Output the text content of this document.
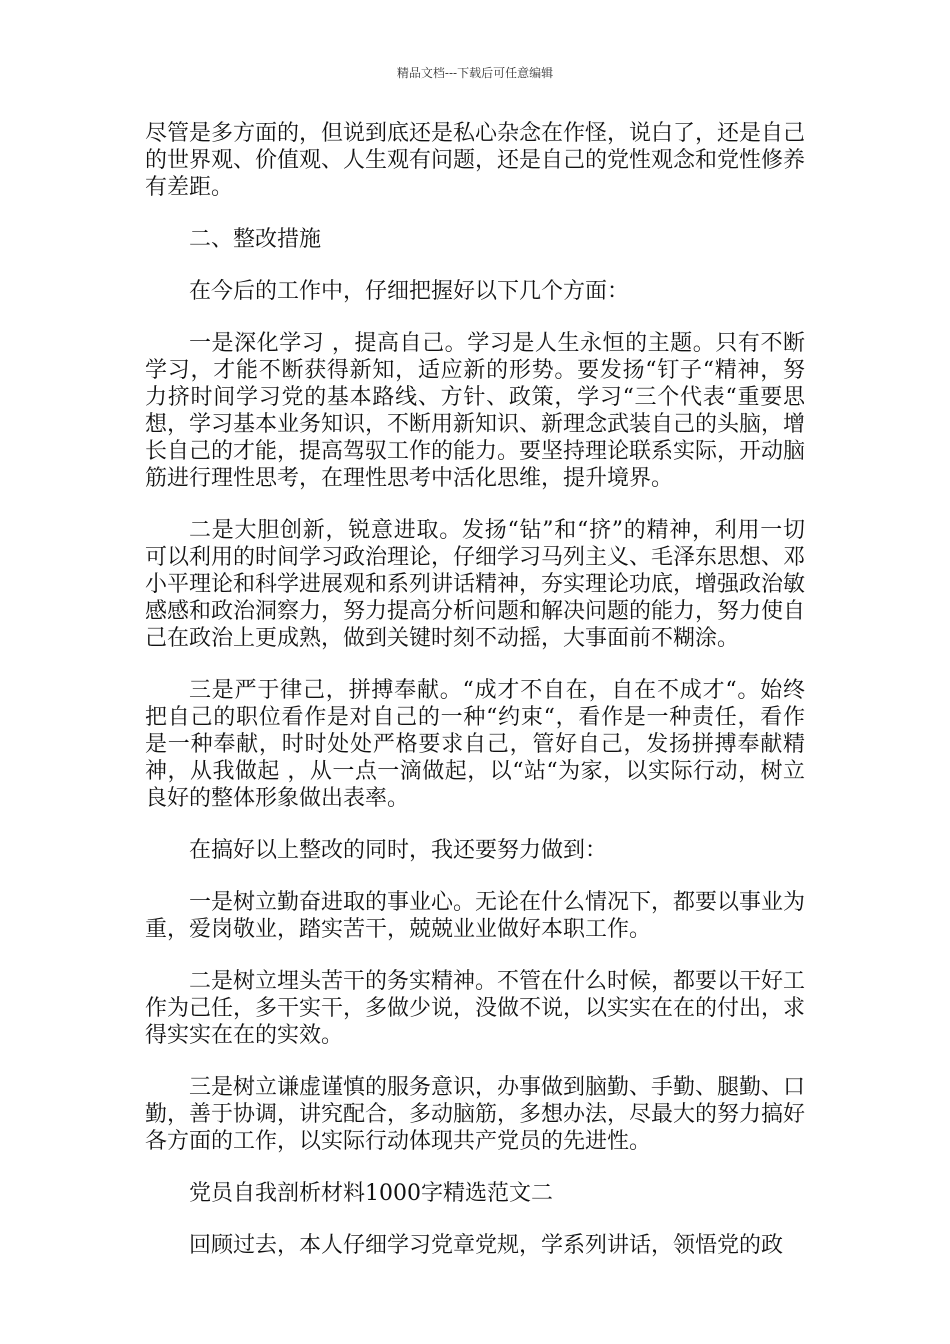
精品文档---下载后可任意编辑

尽管是多方面的，但说到底还是私心杂念在作怪，说白了，还是自己的世界观、价值观、人生观有问题，还是自己的党性观念和党性修养有差距。

二、整改措施

在今后的工作中，仔细把握好以下几个方面：

一是深化学习 ，提高自己。学习是人生永恒的主题。只有不断学习，才能不断获得新知，适应新的形势。要发扬“钉子“精神，努力挤时间学习党的基本路线、方针、政策，学习“三个代表“重要思想，学习基本业务知识，不断用新知识、新理念武装自己的头脑，增长自己的才能，提高驾驭工作的能力。要坚持理论联系实际，开动脑筋进行理性思考，在理性思考中活化思维，提升境界。

二是大胆创新，锐意进取。发扬“钻”和“挤”的精神，利用一切可以利用的时间学习政治理论，仔细学习马列主义、毛泽东思想、邓小平理论和科学进展观和系列讲话精神，夯实理论功底，增强政治敏感感和政治洞察力，努力提高分析问题和解决问题的能力，努力使自己在政治上更成熟，做到关键时刻不动摇，大事面前不糊涂。

三是严于律己，拼搏奉献。“成才不自在，自在不成才“。始终把自己的职位看作是对自己的一种“约束“，看作是一种责任，看作是一种奉献，时时处处严格要求自己，管好自己，发扬拼搏奉献精神，从我做起 ，从一点一滴做起，以“站“为家，以实际行动，树立良好的整体形象做出表率。

在搞好以上整改的同时，我还要努力做到：

一是树立勤奋进取的事业心。无论在什么情况下，都要以事业为重，爱岗敬业，踏实苦干，兢兢业业做好本职工作。

二是树立埋头苦干的务实精神。不管在什么时候，都要以干好工作为己任，多干实干，多做少说，没做不说，以实实在在的付出，求得实实在在的实效。

三是树立谦虚谨慎的服务意识，办事做到脑勤、手勤、腿勤、口勤，善于协调，讲究配合，多动脑筋，多想办法，尽最大的努力搞好各方面的工作，以实际行动体现共产党员的先进性。

党员自我剖析材料1000字精选范文二

回顾过去，本人仔细学习党章党规，学系列讲话，领悟党的政
